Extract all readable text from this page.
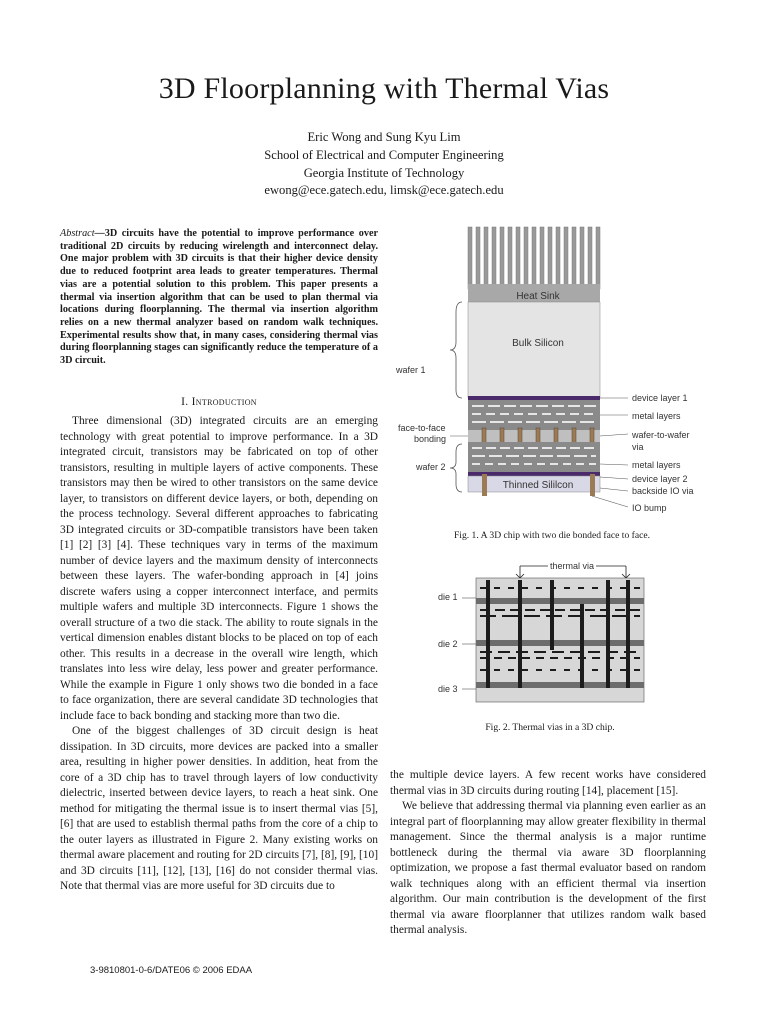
3D Floorplanning with Thermal Vias
Eric Wong and Sung Kyu Lim
School of Electrical and Computer Engineering
Georgia Institute of Technology
ewong@ece.gatech.edu, limsk@ece.gatech.edu
Abstract—3D circuits have the potential to improve performance over traditional 2D circuits by reducing wirelength and interconnect delay. One major problem with 3D circuits is that their higher device density due to reduced footprint area leads to greater temperatures. Thermal vias are a potential solution to this problem. This paper presents a thermal via insertion algorithm that can be used to plan thermal via locations during floorplanning. The thermal via insertion algorithm relies on a new thermal analyzer based on random walk techniques. Experimental results show that, in many cases, considering thermal vias during floorplanning stages can significantly reduce the temperature of a 3D circuit.
I. Introduction

Three dimensional (3D) integrated circuits are an emerging technology with great potential to improve performance. In a 3D integrated circuit, transistors may be fabricated on top of other transistors, resulting in multiple layers of active components. These transistors may then be wired to other transistors on the same device layer, to transistors on different device layers, or both, depending on the process technology. Several different approaches to fabricating 3D integrated circuits or 3D-compatible transistors have been taken [1] [2] [3] [4]. These techniques vary in terms of the maximum number of device layers and the maximum density of interconnects between these layers. The wafer-bonding approach in [4] joins discrete wafers using a copper interconnect interface, and permits multiple wafers and multiple 3D interconnects. Figure 1 shows the overall structure of a two die stack. The ability to route signals in the vertical dimension enables distant blocks to be placed on top of each other. This results in a decrease in the overall wire length, which translates into less wire delay, less power and greater performance. While the example in Figure 1 only shows two die bonded in a face to face organization, there are several candidate 3D technologies that include face to back bonding and stacking more than two die.

One of the biggest challenges of 3D circuit design is heat dissipation. In 3D circuits, more devices are packed into a smaller area, resulting in higher power densities. In addition, heat from the core of a 3D chip has to travel through layers of low conductivity dielectric, inserted between device layers, to reach a heat sink. One method for mitigating the thermal issue is to insert thermal vias [5], [6] that are used to establish thermal paths from the core of a chip to the outer layers as illustrated in Figure 2. Many existing works on thermal aware placement and routing for 2D circuits [7], [8], [9], [10] and 3D circuits [11], [12], [13], [16] do not consider thermal vias. Note that thermal vias are more useful for 3D circuits due to

the multiple device layers. A few recent works have considered thermal vias in 3D circuits during routing [14], placement [15].

We believe that addressing thermal via planning even earlier as an integral part of floorplanning may allow greater flexibility in thermal management. Since the thermal analysis is a major runtime bottleneck during the thermal via aware 3D floorplanning optimization, we propose a fast thermal evaluator based on random walk techniques along with an efficient thermal via insertion algorithm. Our main contribution is the development of the first thermal via aware floorplanner that utilizes random walk based thermal analysis.

Heat Sink
Bulk Silicon
Thinned Sililcon
wafer 1
face-to-face
bonding
wafer 2
device layer 1
metal layers
wafer-to-wafer
via
metal layers
device layer 2
backside IO via
IO bump
Fig. 1. A 3D chip with two die bonded face to face.
thermal via
die 1
die 2
die 3
Fig. 2. Thermal vias in a 3D chip.
3-9810801-0-6/DATE06 © 2006 EDAA
